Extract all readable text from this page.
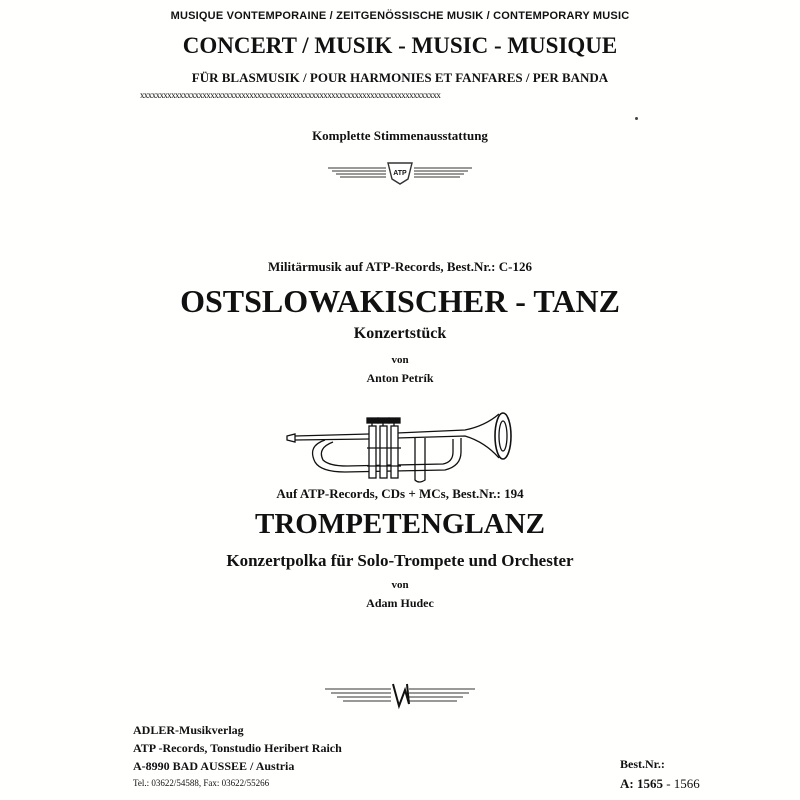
MUSIQUE VONTEMPORAINE / ZEITGENÖSSISCHE MUSIK / CONTEMPORARY MUSIC
CONCERT / MUSIK - MUSIC - MUSIQUE
FÜR BLASMUSIK / POUR HARMONIES ET FANFARES / PER BANDA
xxxxxxxxxxxxxxxxxxxxxxxxxxxxxxxxxxxxxxxxxxxxxxxxxxxxxxxxxxxxxxxxxxxxxxxxxxxxx
Komplette Stimmenausstattung
ATP
Militärmusik auf ATP-Records, Best.Nr.: C-126
OSTSLOWAKISCHER - TANZ
Konzertstück
von
Anton Petrík
Auf ATP-Records, CDs + MCs, Best.Nr.: 194
TROMPETENGLANZ
Konzertpolka für Solo-Trompete und Orchester
von
Adam Hudec
ADLER-Musikverlag
ATP -Records, Tonstudio Heribert Raich
A-8990 BAD AUSSEE / Austria
Tel.: 03622/54588, Fax: 03622/55266
Best.Nr.:
A: 1565 - 1566
